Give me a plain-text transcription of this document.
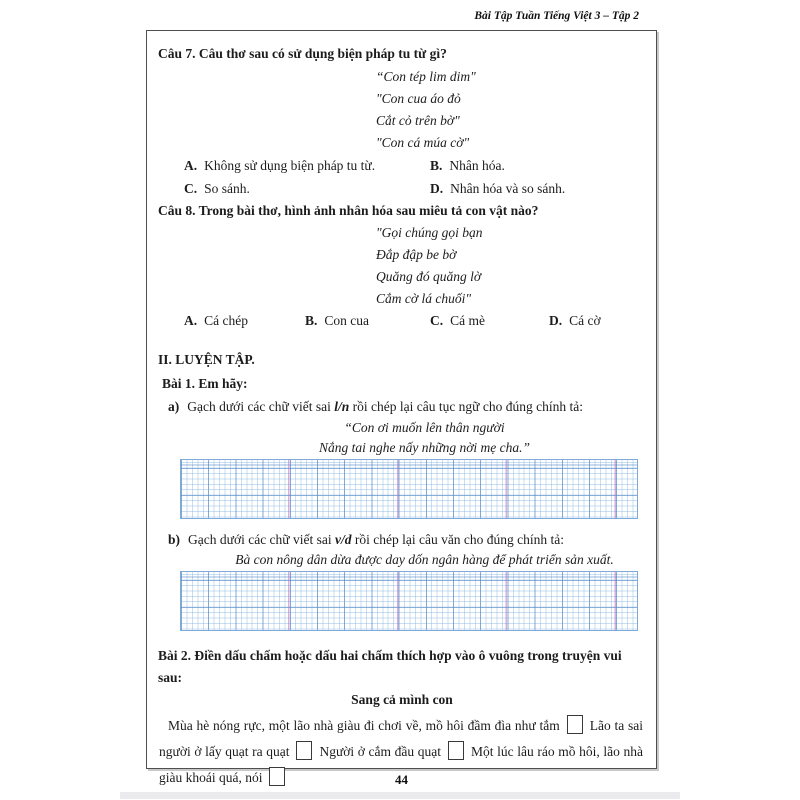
Bài Tập Tuần Tiếng Việt 3 – Tập 2
Câu 7. Câu thơ sau có sử dụng biện pháp tu từ gì?
“Con tép lim dim"
"Con cua áo đỏ
Cắt cỏ trên bờ"
"Con cá múa cờ"
A. Không sử dụng biện pháp tu từ.	B. Nhân hóa.
C. So sánh.	D. Nhân hóa và so sánh.
Câu 8. Trong bài thơ, hình ảnh nhân hóa sau miêu tả con vật nào?
"Gọi chúng gọi bạn
Đắp đập be bờ
Quăng đó quăng lờ
Cắm cờ lá chuối"
A. Cá chép	B. Con cua	C. Cá mè	D. Cá cờ
II. LUYỆN TẬP.
Bài 1. Em hãy:
a) Gạch dưới các chữ viết sai l/n rồi chép lại câu tục ngữ cho đúng chính tả:
“Con ơi muốn lên thân người
Nắng tai nghe nấy những nời mẹ cha.”
b) Gạch dưới các chữ viết sai v/d rồi chép lại câu văn cho đúng chính tả:
Bà con nông dân dừa được day dốn ngân hàng để phát triển sản xuất.
Bài 2. Điền dấu chấm hoặc dấu hai chấm thích hợp vào ô vuông trong truyện vui sau:
Sang cả mình con
Mùa hè nóng rực, một lão nhà giàu đi chơi về, mồ hôi đầm đìa như tắm Lão ta sai
người ở lấy quạt ra quạt Người ở cắm đầu quạt Một lúc lâu ráo mồ hôi, lão nhà
giàu khoái quá, nói	44
